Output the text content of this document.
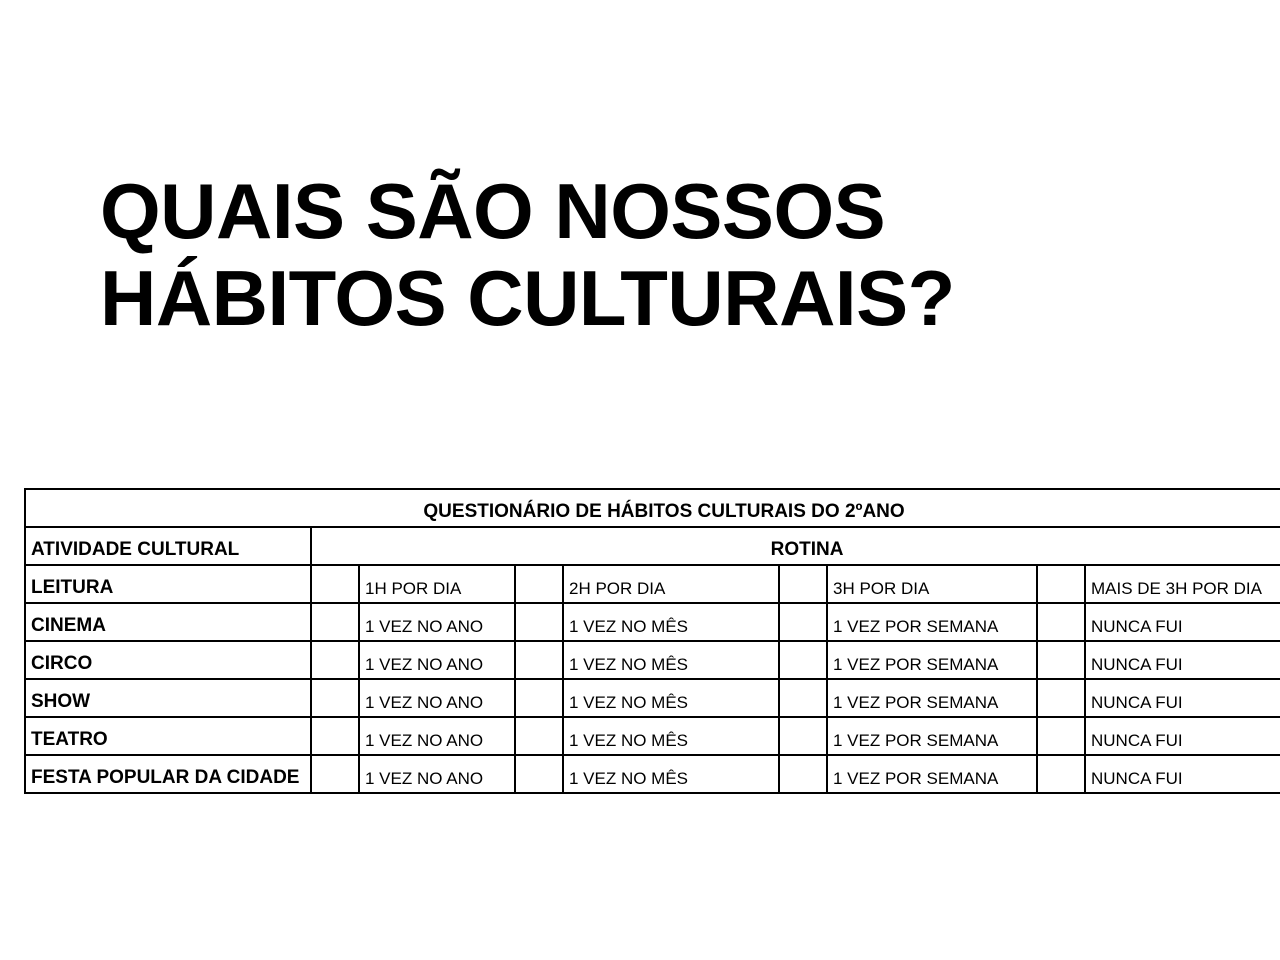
QUAIS SÃO NOSSOS
HÁBITOS CULTURAIS?
QUESTIONÁRIO DE HÁBITOS CULTURAIS DO 2ºANO								
ATIVIDADE CULTURAL	ROTINA							
LEITURA		1H POR DIA		2H POR DIA		3H POR DIA		MAIS DE 3H POR DIA
CINEMA		1 VEZ NO ANO		1 VEZ NO MÊS		1 VEZ POR SEMANA		NUNCA FUI
CIRCO		1 VEZ NO ANO		1 VEZ NO MÊS		1 VEZ POR SEMANA		NUNCA FUI
SHOW		1 VEZ NO ANO		1 VEZ NO MÊS		1 VEZ POR SEMANA		NUNCA FUI
TEATRO		1 VEZ NO ANO		1 VEZ NO MÊS		1 VEZ POR SEMANA		NUNCA FUI
FESTA POPULAR DA CIDADE		1 VEZ NO ANO		1 VEZ NO MÊS		1 VEZ POR SEMANA		NUNCA FUI
